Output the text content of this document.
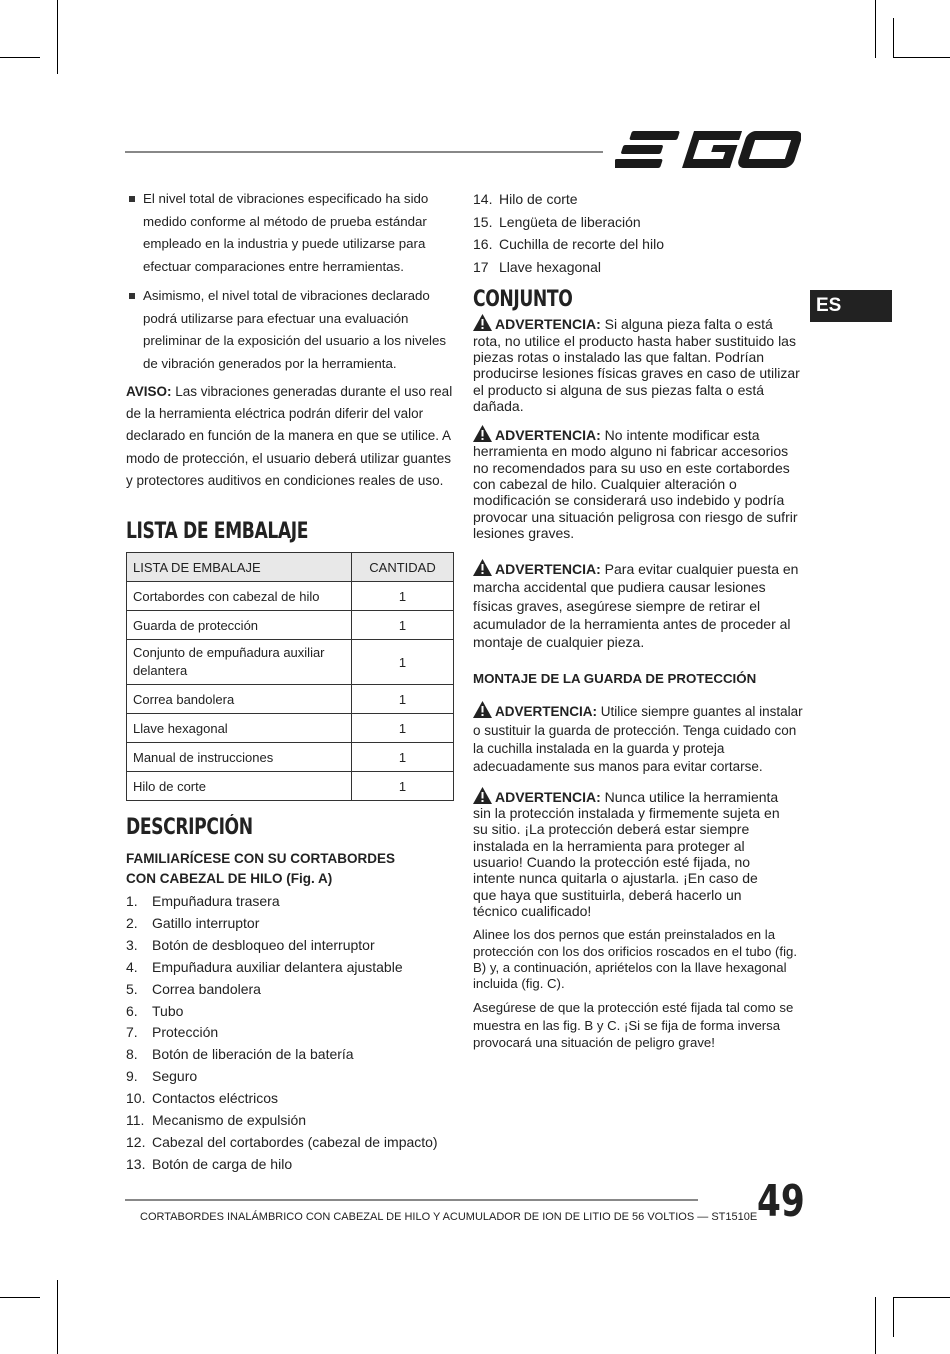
ES
El nivel total de vibraciones especificado ha sido medido conforme al método de prueba estándar empleado en la industria y puede utilizarse para efectuar comparaciones entre herramientas.
Asimismo, el nivel total de vibraciones declarado podrá utilizarse para efectuar una evaluación preliminar de la exposición del usuario a los niveles de vibración generados por la herramienta.

AVISO: Las vibraciones generadas durante el uso real de la herramienta eléctrica podrán diferir del valor declarado en función de la manera en que se utilice. A modo de protección, el usuario deberá utilizar guantes y protectores auditivos en condiciones reales de uso.

LISTA DE EMBALAJE
LISTA DE EMBALAJE	CANTIDAD
Cortabordes con cabezal de hilo	1
Guarda de protección	1
Conjunto de empuñadura auxiliar delantera	1
Correa bandolera	1
Llave hexagonal	1
Manual de instrucciones	1
Hilo de corte	1
DESCRIPCIÓN

FAMILIARÍCESE CON SU CORTABORDES CON CABEZAL DE HILO (Fig. A)

1.	Empuñadura trasera
2.	Gatillo interruptor
3.	Botón de desbloqueo del interruptor
4.	Empuñadura auxiliar delantera ajustable
5.	Correa bandolera
6.	Tubo
7.	Protección
8.	Botón de liberación de la batería
9.	Seguro
10. Contactos eléctricos
11. Mecanismo de expulsión
12. Cabezal del cortabordes (cabezal de impacto)
13. Botón de carga de hilo
14. Hilo de corte
15. Lengüeta de liberación
16. Cuchilla de recorte del hilo
17 Llave hexagonal
CONJUNTO

ADVERTENCIA: Si alguna pieza falta o está rota, no utilice el producto hasta haber sustituido las piezas rotas o instalado las que faltan. Podrían producirse lesiones físicas graves en caso de utilizar el producto si alguna de sus piezas falta o está dañada.

ADVERTENCIA: No intente modificar esta herramienta en modo alguno ni fabricar accesorios no recomendados para su uso en este cortabordes con cabezal de hilo. Cualquier alteración o modificación se considerará uso indebido y podría provocar una situación peligrosa con riesgo de sufrir lesiones graves.

ADVERTENCIA: Para evitar cualquier puesta en marcha accidental que pudiera causar lesiones físicas graves, asegúrese siempre de retirar el acumulador de la herramienta antes de proceder al montaje de cualquier pieza.

MONTAJE DE LA GUARDA DE PROTECCIÓN

ADVERTENCIA: Utilice siempre guantes al instalar o sustituir la guarda de protección. Tenga cuidado con la cuchilla instalada en la guarda y proteja adecuadamente sus manos para evitar cortarse.

ADVERTENCIA: Nunca utilice la herramienta sin la protección instalada y firmemente sujeta en su sitio. ¡La protección deberá estar siempre instalada en la herramienta para proteger al usuario! Cuando la protección esté fijada, no intente nunca quitarla o ajustarla. ¡En caso de que haya que sustituirla, deberá hacerlo un técnico cualificado!

Alinee los dos pernos que están preinstalados en la protección con los dos orificios roscados en el tubo (fig. B) y, a continuación, apriételos con la llave hexagonal incluida (fig. C).

Asegúrese de que la protección esté fijada tal como se muestra en las fig. B y C. ¡Si se fija de forma inversa provocará una situación de peligro grave!

CORTABORDES INALÁMBRICO CON CABEZAL DE HILO Y ACUMULADOR DE ION DE LITIO DE 56 VOLTIOS — ST1510E 49
